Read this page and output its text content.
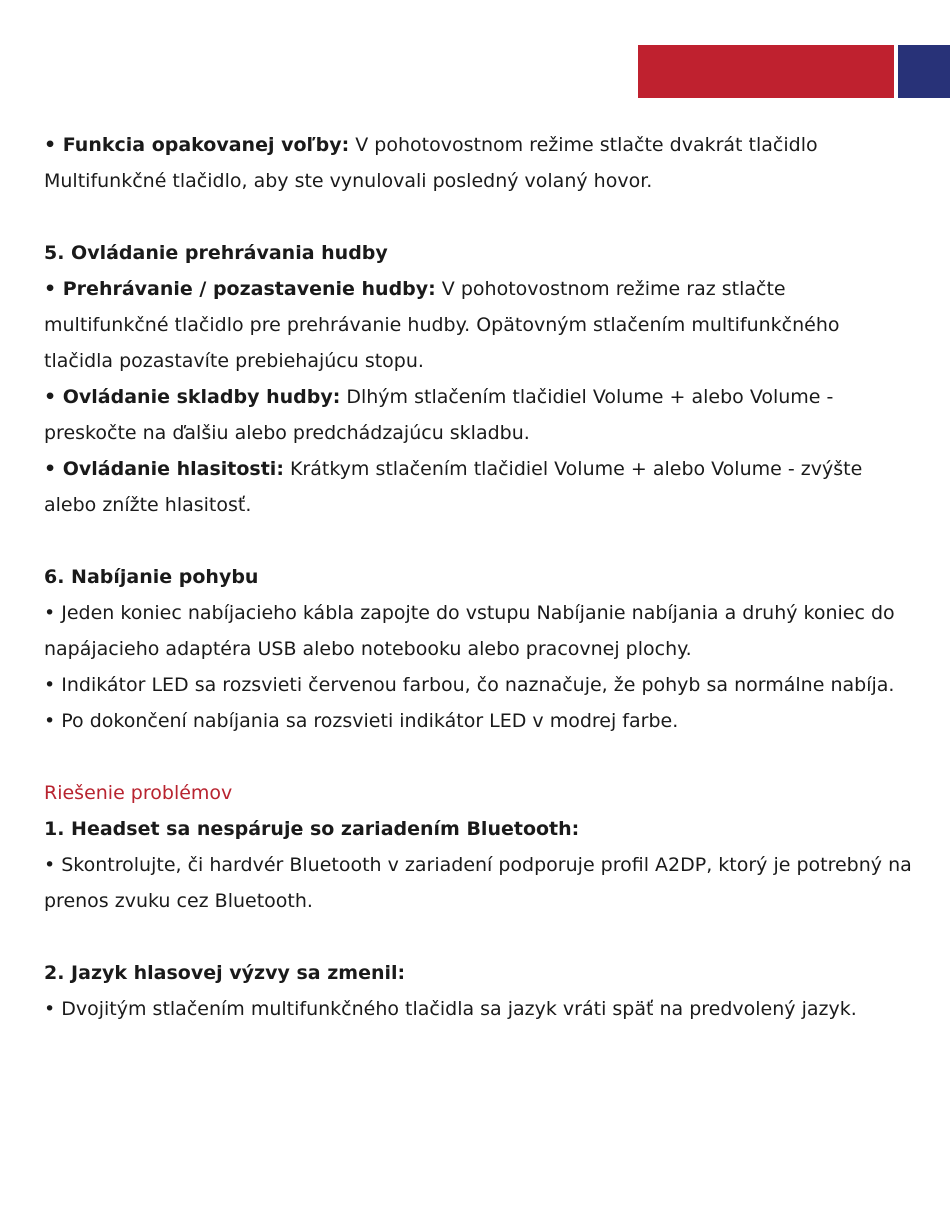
• Funkcia opakovanej voľby: V pohotovostnom režime stlačte dvakrát tlačidlo Multifunkčné tlačidlo, aby ste vynulovali posledný volaný hovor.

5. Ovládanie prehrávania hudby

• Prehrávanie / pozastavenie hudby: V pohotovostnom režime raz stlačte multifunkčné tlačidlo pre prehrávanie hudby. Opätovným stlačením multifunkčného tlačidla pozastavíte prebiehajúcu stopu.

• Ovládanie skladby hudby: Dlhým stlačením tlačidiel Volume + alebo Volume - preskočte na ďalšiu alebo predchádzajúcu skladbu.

• Ovládanie hlasitosti: Krátkym stlačením tlačidiel Volume + alebo Volume - zvýšte alebo znížte hlasitosť.

6. Nabíjanie pohybu

• Jeden koniec nabíjacieho kábla zapojte do vstupu Nabíjanie nabíjania a druhý koniec do napájacieho adaptéra USB alebo notebooku alebo pracovnej plochy.

• Indikátor LED sa rozsvieti červenou farbou, čo naznačuje, že pohyb sa normálne nabíja.

• Po dokončení nabíjania sa rozsvieti indikátor LED v modrej farbe.

Riešenie problémov

1. Headset sa nespáruje so zariadením Bluetooth:

• Skontrolujte, či hardvér Bluetooth v zariadení podporuje profil A2DP, ktorý je potrebný na prenos zvuku cez Bluetooth.

2. Jazyk hlasovej výzvy sa zmenil:

• Dvojitým stlačením multifunkčného tlačidla sa jazyk vráti späť na predvolený jazyk.
